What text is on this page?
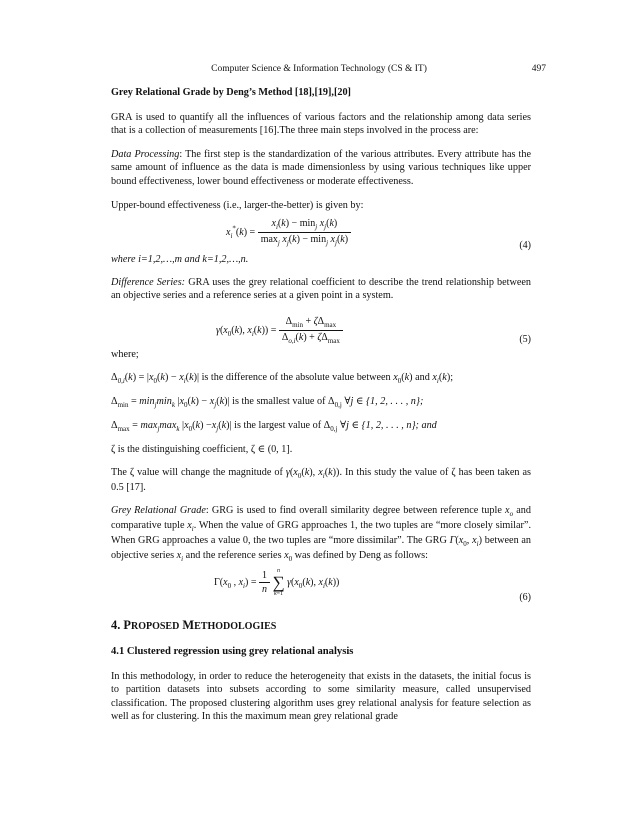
Computer Science & Information Technology (CS & IT)	497

Grey Relational Grade by Deng’s Method [18],[19],[20]

GRA is used to quantify all the influences of various factors and the relationship among data series that is a collection of measurements [16].The three main steps involved in the process are:

Data Processing: The first step is the standardization of the various attributes. Every attribute has the same amount of influence as the data is made dimensionless by using various techniques like upper bound effectiveness, lower bound effectiveness or moderate effectiveness.

Upper-bound effectiveness (i.e., larger-the-better) is given by:

$x_i^*(k) = \frac{x_i(k) - \min_j x_j(k)}{\max_j x_j(k) - \min_j x_j(k)}$	(4)

where i=1,2,…,m and k=1,2,…,n.

Difference Series: GRA uses the grey relational coefficient to describe the trend relationship between an objective series and a reference series at a given point in a system.

$\gamma(x_0(k)$, $x_i(k)) = \frac{\Delta_{min} + \zeta\Delta_{max}}{\Delta_{o,i}(k) + \zeta\Delta_{max}}$	(5)

where;

$\Delta_{0,i}(k) = |x_0(k) - x_i(k)|$ is the difference of the absolute value between $x_0(k)$ and $x_i(k)$;

$\Delta_{min} = \min_j\min_k$ $|x_0(k) - x_j(k)|$ is the smallest value of $\Delta_{0,j}$ ∀j ∈ {1, 2, . . . , n};

$\Delta_{max} = \max_j\max_k$ $|x_0(k) -x_j(k)|$ is the largest value of $\Delta_{0,j}$ ∀j ∈ {1, 2, . . . , n}; and

ζ is the distinguishing coefficient, ζ ∈ (0, 1].

The ζ value will change the magnitude of $\gamma(x_0(k)$, $x_i(k)$). In this study the value of ζ has been taken as 0.5 [17].

Grey Relational Grade: GRG is used to find overall similarity degree between reference tuple $x_o$ and comparative tuple $x_i$. When the value of GRG approaches 1, the two tuples are “more closely similar”. When GRG approaches a value 0, the two tuples are “more dissimilar”. The GRG $\Gamma(x_0$, $x_i$) between an objective series $x_i$ and the reference series $x_0$ was defined by Deng as follows:

$\Gamma(x_0$ , $x_i) = \frac{1}{n}$
	n
∑
k=1
$\gamma(x_0(k)$, $x_i(k)$)
(6)

4. PROPOSED METHODOLOGIES

4.1 Clustered regression using grey relational analysis

In this methodology, in order to reduce the heterogeneity that exists in the datasets, the initial focus is to partition datasets into subsets according to some similarity measure, called unsupervised classification. The proposed clustering algorithm uses grey relational analysis for feature selection as well as for clustering. In this the maximum mean grey relational grade
